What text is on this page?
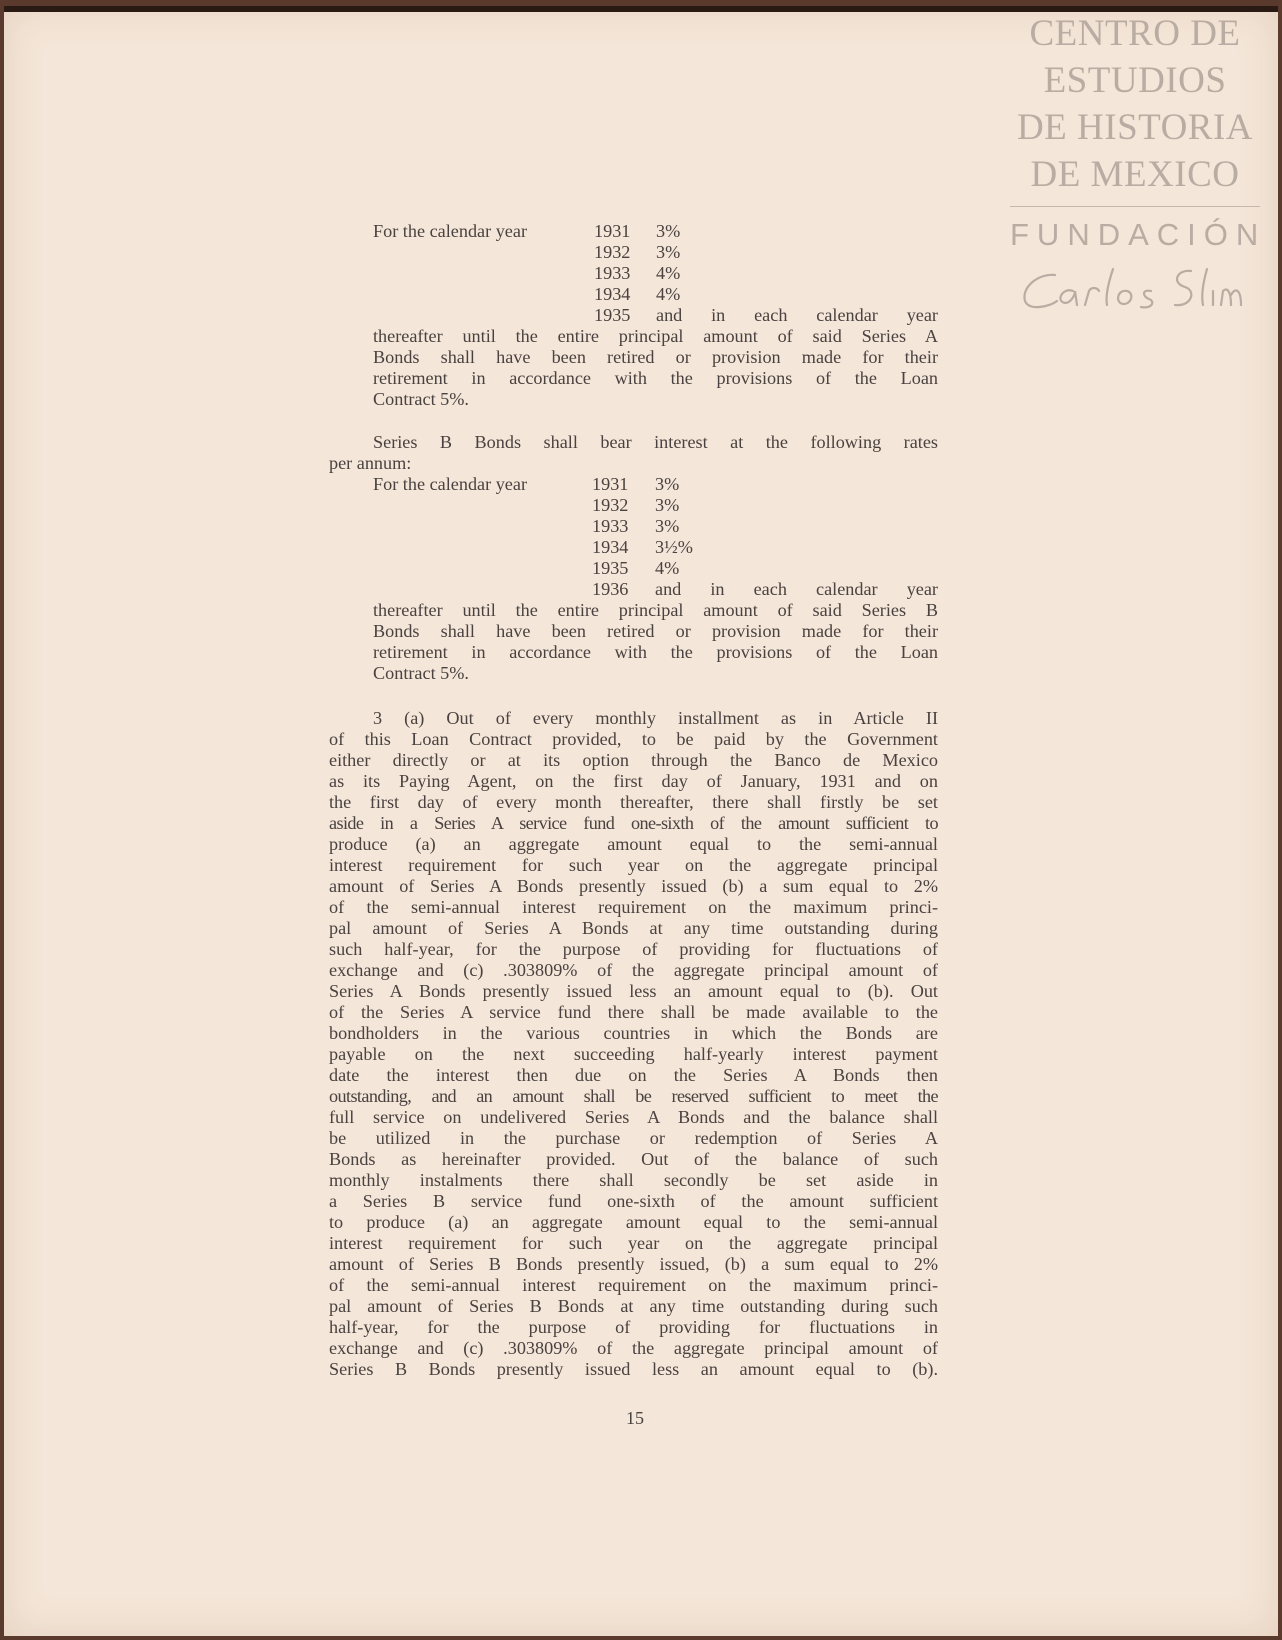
CENTRO DE
ESTUDIOS
DE HISTORIA
DE MEXICO
FUNDACIÓN
For the calendar year	1931 3%
1932 3%
1933 4%
1934 4%
1935 and in each calendar year
thereafter until the entire principal amount of said Series A
Bonds shall have been retired or provision made for their
retirement in accordance with the provisions of the Loan
Contract 5%.
Series B Bonds shall bear interest at the following rates
per annum:
For the calendar year	1931 3%
1932 3%
1933 3%
1934 3½%
1935 4%
1936 and in each calendar year
thereafter until the entire principal amount of said Series B
Bonds shall have been retired or provision made for their
retirement in accordance with the provisions of the Loan
Contract 5%.
3 (a) Out of every monthly installment as in Article II
of this Loan Contract provided, to be paid by the Government
either directly or at its option through the Banco de Mexico
as its Paying Agent, on the first day of January, 1931 and on
the first day of every month thereafter, there shall firstly be set
aside in a Series A service fund one-sixth of the amount sufficient to
produce (a) an aggregate amount equal to the semi-annual
interest requirement for such year on the aggregate principal
amount of Series A Bonds presently issued (b) a sum equal to 2%
of the semi-annual interest requirement on the maximum princi-
pal amount of Series A Bonds at any time outstanding during
such half-year, for the purpose of providing for fluctuations of
exchange and (c) .303809% of the aggregate principal amount of
Series A Bonds presently issued less an amount equal to (b). Out
of the Series A service fund there shall be made available to the
bondholders in the various countries in which the Bonds are
payable on the next succeeding half-yearly interest payment
date the interest then due on the Series A Bonds then
outstanding, and an amount shall be reserved sufficient to meet the
full service on undelivered Series A Bonds and the balance shall
be utilized in the purchase or redemption of Series A
Bonds as hereinafter provided. Out of the balance of such
monthly instalments there shall secondly be set aside in
a Series B service fund one-sixth of the amount sufficient
to produce (a) an aggregate amount equal to the semi-annual
interest requirement for such year on the aggregate principal
amount of Series B Bonds presently issued, (b) a sum equal to 2%
of the semi-annual interest requirement on the maximum princi-
pal amount of Series B Bonds at any time outstanding during such
half-year, for the purpose of providing for fluctuations in
exchange and (c) .303809% of the aggregate principal amount of
Series B Bonds presently issued less an amount equal to (b).
15
